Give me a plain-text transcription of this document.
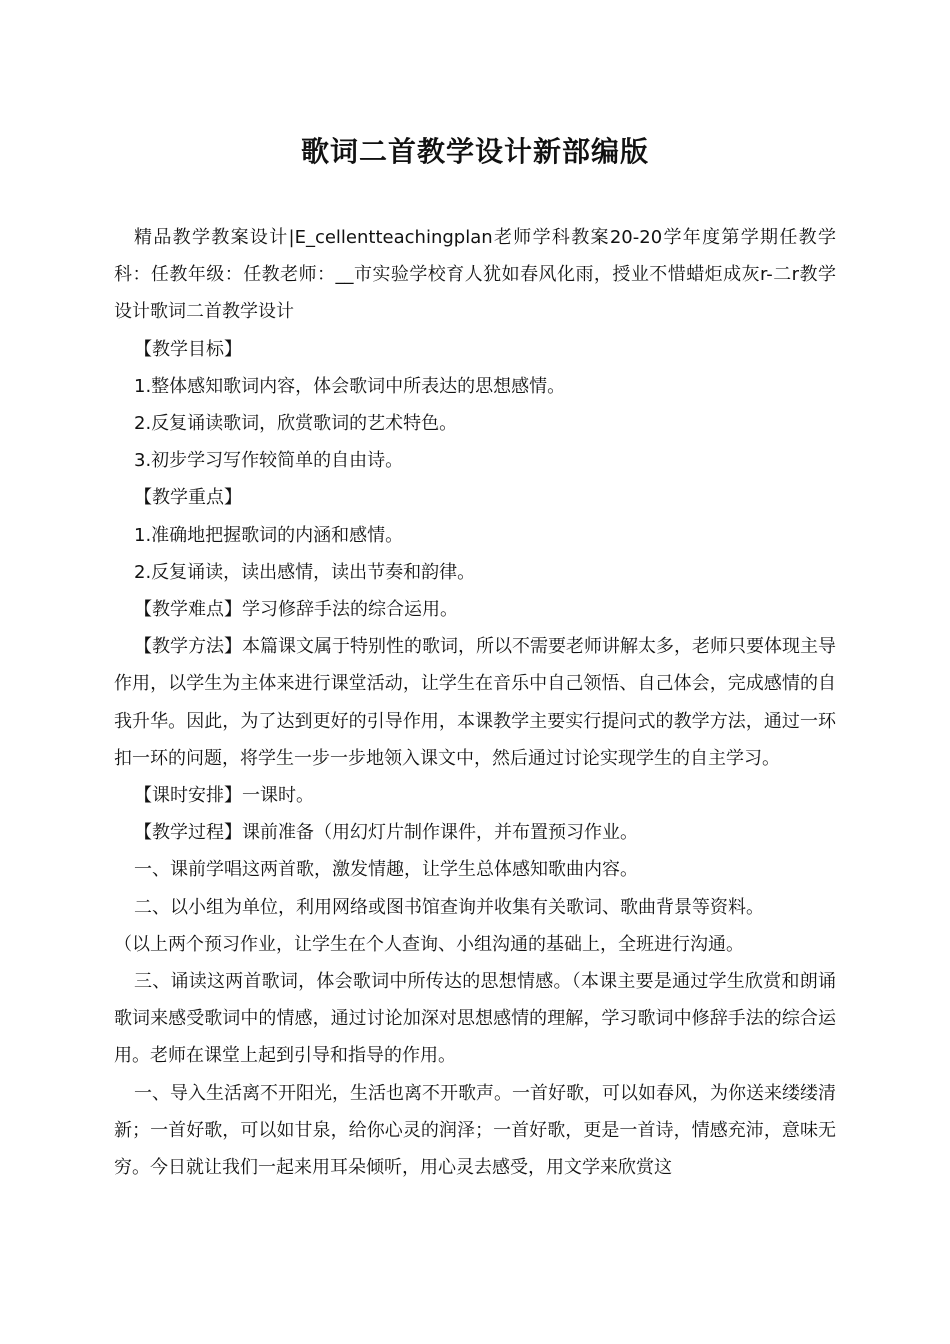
歌词二首教学设计新部编版

精品教学教案设计|E_cellentteachingplan老师学科教案20-20学年度第学期任教学科：任教年级：任教老师：__市实验学校育人犹如春风化雨，授业不惜蜡炬成灰r-二r教学设计歌词二首教学设计

【教学目标】

1.整体感知歌词内容，体会歌词中所表达的思想感情。

2.反复诵读歌词，欣赏歌词的艺术特色。

3.初步学习写作较简单的自由诗。

【教学重点】

1.准确地把握歌词的内涵和感情。

2.反复诵读，读出感情，读出节奏和韵律。

【教学难点】学习修辞手法的综合运用。

【教学方法】本篇课文属于特别性的歌词，所以不需要老师讲解太多，老师只要体现主导作用，以学生为主体来进行课堂活动，让学生在音乐中自己领悟、自己体会，完成感情的自我升华。因此，为了达到更好的引导作用，本课教学主要实行提问式的教学方法，通过一环扣一环的问题，将学生一步一步地领入课文中，然后通过讨论实现学生的自主学习。

【课时安排】一课时。

【教学过程】课前准备（用幻灯片制作课件，并布置预习作业。

一、课前学唱这两首歌，激发情趣，让学生总体感知歌曲内容。

二、以小组为单位，利用网络或图书馆查询并收集有关歌词、歌曲背景等资料。

（以上两个预习作业，让学生在个人查询、小组沟通的基础上，全班进行沟通。

三、诵读这两首歌词，体会歌词中所传达的思想情感。（本课主要是通过学生欣赏和朗诵歌词来感受歌词中的情感，通过讨论加深对思想感情的理解，学习歌词中修辞手法的综合运用。老师在课堂上起到引导和指导的作用。

一、导入生活离不开阳光，生活也离不开歌声。一首好歌，可以如春风，为你送来缕缕清新；一首好歌，可以如甘泉，给你心灵的润泽；一首好歌，更是一首诗，情感充沛，意味无穷。今日就让我们一起来用耳朵倾听，用心灵去感受，用文学来欣赏这
